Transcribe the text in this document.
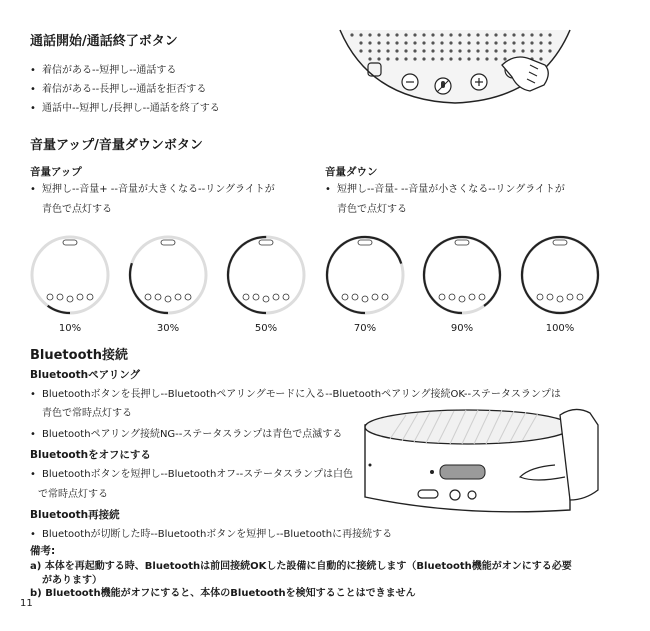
通話開始/通話終了ボタン
• 着信がある--短押し--通話する
• 着信がある--長押し--通話を拒否する
• 通話中--短押し/長押し--通話を終了する
音量アップ/音量ダウンボタン
音量アップ
• 短押し--音量+ --音量が大きくなる--リングライトが
青色で点灯する
音量ダウン
• 短押し--音量- --音量が小さくなる--リングライトが
青色で点灯する
10%	30%	50%	70%	90%	100%
Bluetooth接続
Bluetoothペアリング
• Bluetoothボタンを長押し--Bluetoothペアリングモードに入る--Bluetoothペアリング接続OK--ステータスランプは
青色で常時点灯する
• Bluetoothペアリング接続NG--ステータスランプは青色で点滅する
Bluetoothをオフにする
• Bluetoothボタンを短押し--Bluetoothオフ--ステータスランプは白色
で常時点灯する
Bluetooth再接続
• Bluetoothが切断した時--Bluetoothボタンを短押し--Bluetoothに再接続する
備考:
a) 本体を再起動する時、Bluetoothは前回接続OKした設備に自動的に接続します（Bluetooth機能がオンにする必要
があります）
b) Bluetooth機能がオフにすると、本体のBluetoothを検知することはできません
11
